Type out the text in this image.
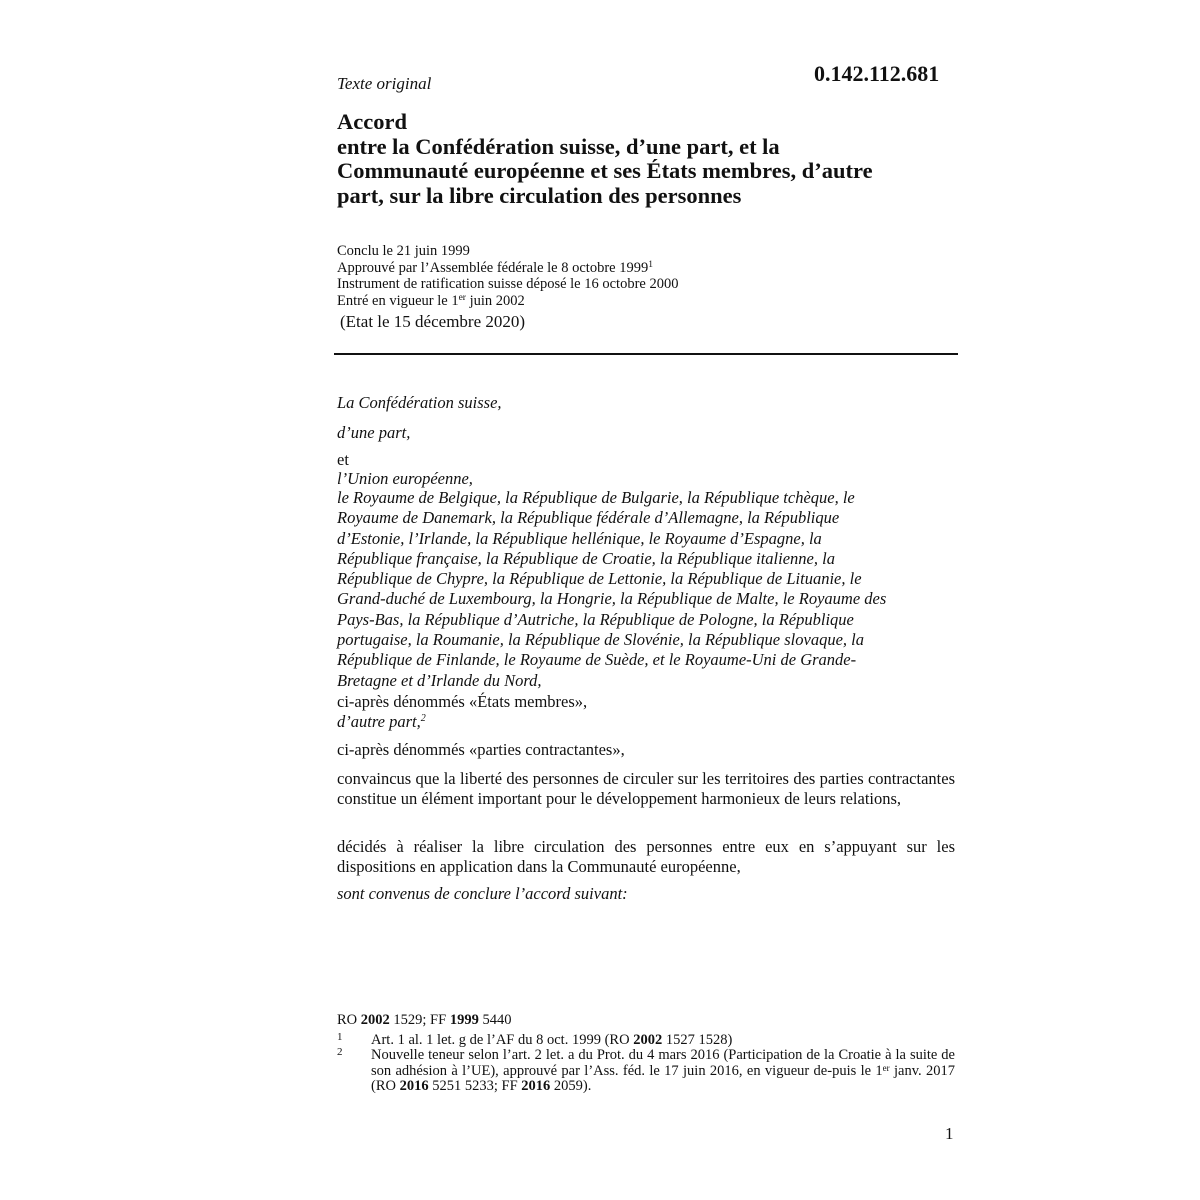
Texte original	0.142.112.681
Accord
entre la Confédération suisse, d’une part, et la
Communauté européenne et ses États membres, d’autre
part, sur la libre circulation des personnes
Conclu le 21 juin 1999
Approuvé par l’Assemblée fédérale le 8 octobre 1999$^1$
Instrument de ratification suisse déposé le 16 octobre 2000
Entré en vigueur le 1er juin 2002
(Etat le 15 décembre 2020)
La Confédération suisse,
d’une part,
et
l’Union européenne,
le Royaume de Belgique, la République de Bulgarie, la République tchèque, le
Royaume de Danemark, la République fédérale d’Allemagne, la République
d’Estonie, l’Irlande, la République hellénique, le Royaume d’Espagne, la
République française, la République de Croatie, la République italienne, la
République de Chypre, la République de Lettonie, la République de Lituanie, le
Grand-duché de Luxembourg, la Hongrie, la République de Malte, le Royaume des
Pays-Bas, la République d’Autriche, la République de Pologne, la République
portugaise, la Roumanie, la République de Slovénie, la République slovaque, la
République de Finlande, le Royaume de Suède, et le Royaume-Uni de Grande-
Bretagne et d’Irlande du Nord,
ci-après dénommés «États membres»,
d’autre part,$^2$
ci-après dénommés «parties contractantes»,
convaincus que la liberté des personnes de circuler sur les territoires des parties contractantes constitue un élément important pour le développement harmonieux de leurs relations,
décidés à réaliser la libre circulation des personnes entre eux en s’appuyant sur les dispositions en application dans la Communauté européenne,
sont convenus de conclure l’accord suivant:
RO 2002 1529; FF 1999 5440
1 Art. 1 al. 1 let. g de l’AF du 8 oct. 1999 (RO 2002 1527 1528)
2 Nouvelle teneur selon l’art. 2 let. a du Prot. du 4 mars 2016 (Participation de la Croatie à la suite de son adhésion à l’UE), approuvé par l’Ass. féd. le 17 juin 2016, en vigueur de-puis le 1er janv. 2017 (RO 2016 5251 5233; FF 2016 2059).
1
